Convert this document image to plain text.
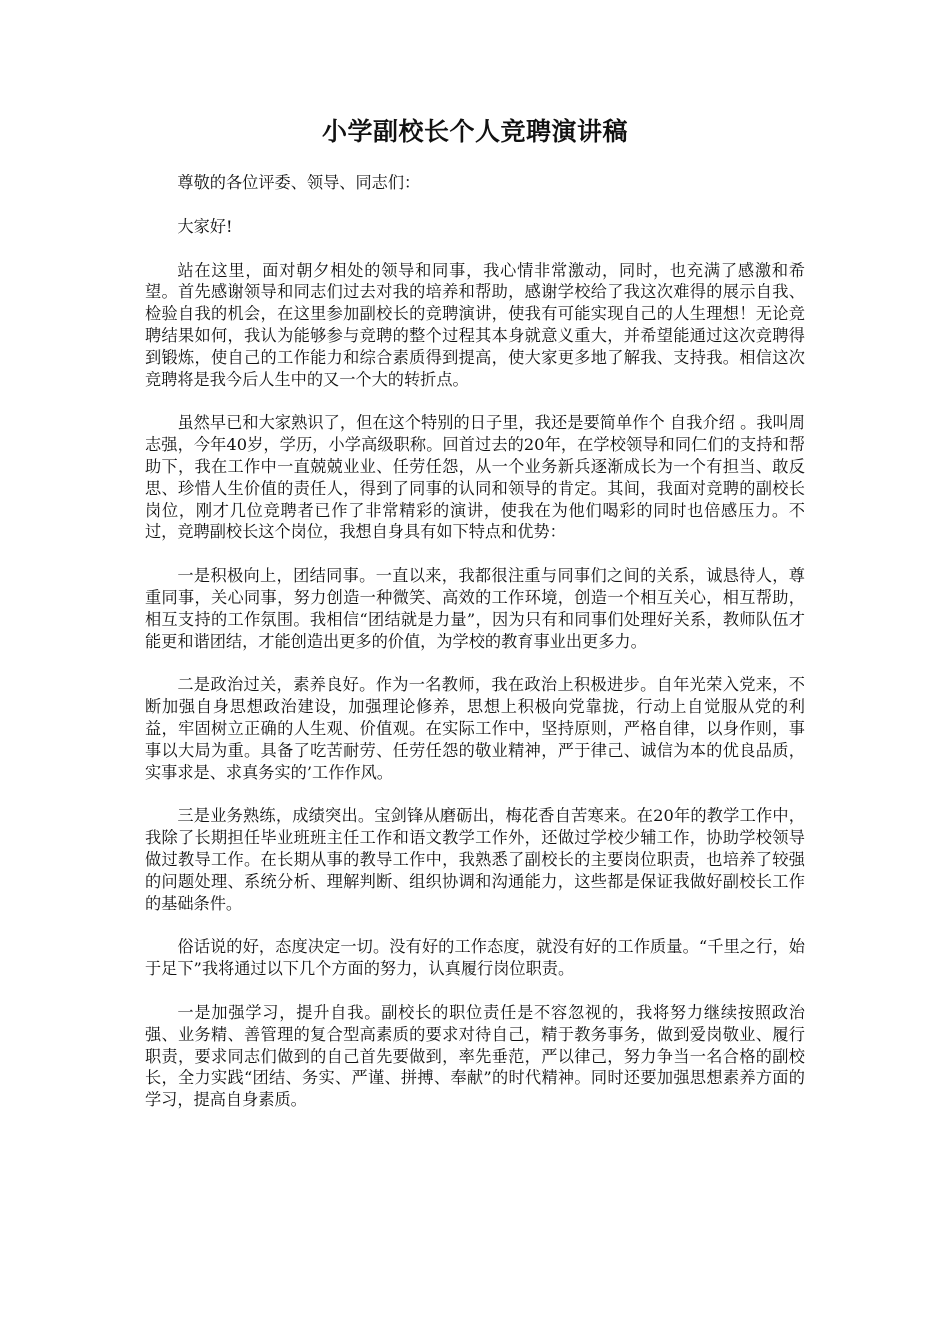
小学副校长个人竞聘演讲稿

尊敬的各位评委、领导、同志们：

大家好!

站在这里，面对朝夕相处的领导和同事，我心情非常激动，同时，也充满了感激和希望。首先感谢领导和同志们过去对我的培养和帮助，感谢学校给了我这次难得的展示自我、检验自我的机会，在这里参加副校长的竞聘演讲，使我有可能实现自己的人生理想！无论竞聘结果如何，我认为能够参与竞聘的整个过程其本身就意义重大，并希望能通过这次竞聘得到锻炼，使自己的工作能力和综合素质得到提高，使大家更多地了解我、支持我。相信这次竞聘将是我今后人生中的又一个大的转折点。

虽然早已和大家熟识了，但在这个特别的日子里，我还是要简单作个 自我介绍 。我叫周志强，今年40岁，学历，小学高级职称。回首过去的20年，在学校领导和同仁们的支持和帮助下，我在工作中一直兢兢业业、任劳任怨，从一个业务新兵逐渐成长为一个有担当、敢反思、珍惜人生价值的责任人，得到了同事的认同和领导的肯定。其间，我面对竞聘的副校长岗位，刚才几位竞聘者已作了非常精彩的演讲，使我在为他们喝彩的同时也倍感压力。不过，竞聘副校长这个岗位，我想自身具有如下特点和优势：

一是积极向上，团结同事。一直以来，我都很注重与同事们之间的关系，诚恳待人，尊重同事，关心同事，努力创造一种微笑、高效的工作环境，创造一个相互关心，相互帮助，相互支持的工作氛围。我相信“团结就是力量”，因为只有和同事们处理好关系，教师队伍才能更和谐团结，才能创造出更多的价值，为学校的教育事业出更多力。

二是政治过关，素养良好。作为一名教师，我在政治上积极进步。自年光荣入党来，不断加强自身思想政治建设，加强理论修养，思想上积极向党靠拢，行动上自觉服从党的利益，牢固树立正确的人生观、价值观。在实际工作中，坚持原则，严格自律，以身作则，事事以大局为重。具备了吃苦耐劳、任劳任怨的敬业精神，严于律己、诚信为本的优良品质，实事求是、求真务实的’工作作风。

三是业务熟练，成绩突出。宝剑锋从磨砺出，梅花香自苦寒来。在20年的教学工作中，我除了长期担任毕业班班主任工作和语文教学工作外，还做过学校少辅工作，协助学校领导做过教导工作。在长期从事的教导工作中，我熟悉了副校长的主要岗位职责，也培养了较强的问题处理、系统分析、理解判断、组织协调和沟通能力，这些都是保证我做好副校长工作的基础条件。

俗话说的好，态度决定一切。没有好的工作态度，就没有好的工作质量。“千里之行，始于足下”我将通过以下几个方面的努力，认真履行岗位职责。

一是加强学习，提升自我。副校长的职位责任是不容忽视的，我将努力继续按照政治强、业务精、善管理的复合型高素质的要求对待自己，精于教务事务，做到爱岗敬业、履行职责，要求同志们做到的自己首先要做到，率先垂范，严以律己，努力争当一名合格的副校长，全力实践“团结、务实、严谨、拼搏、奉献”的时代精神。同时还要加强思想素养方面的学习，提高自身素质。
